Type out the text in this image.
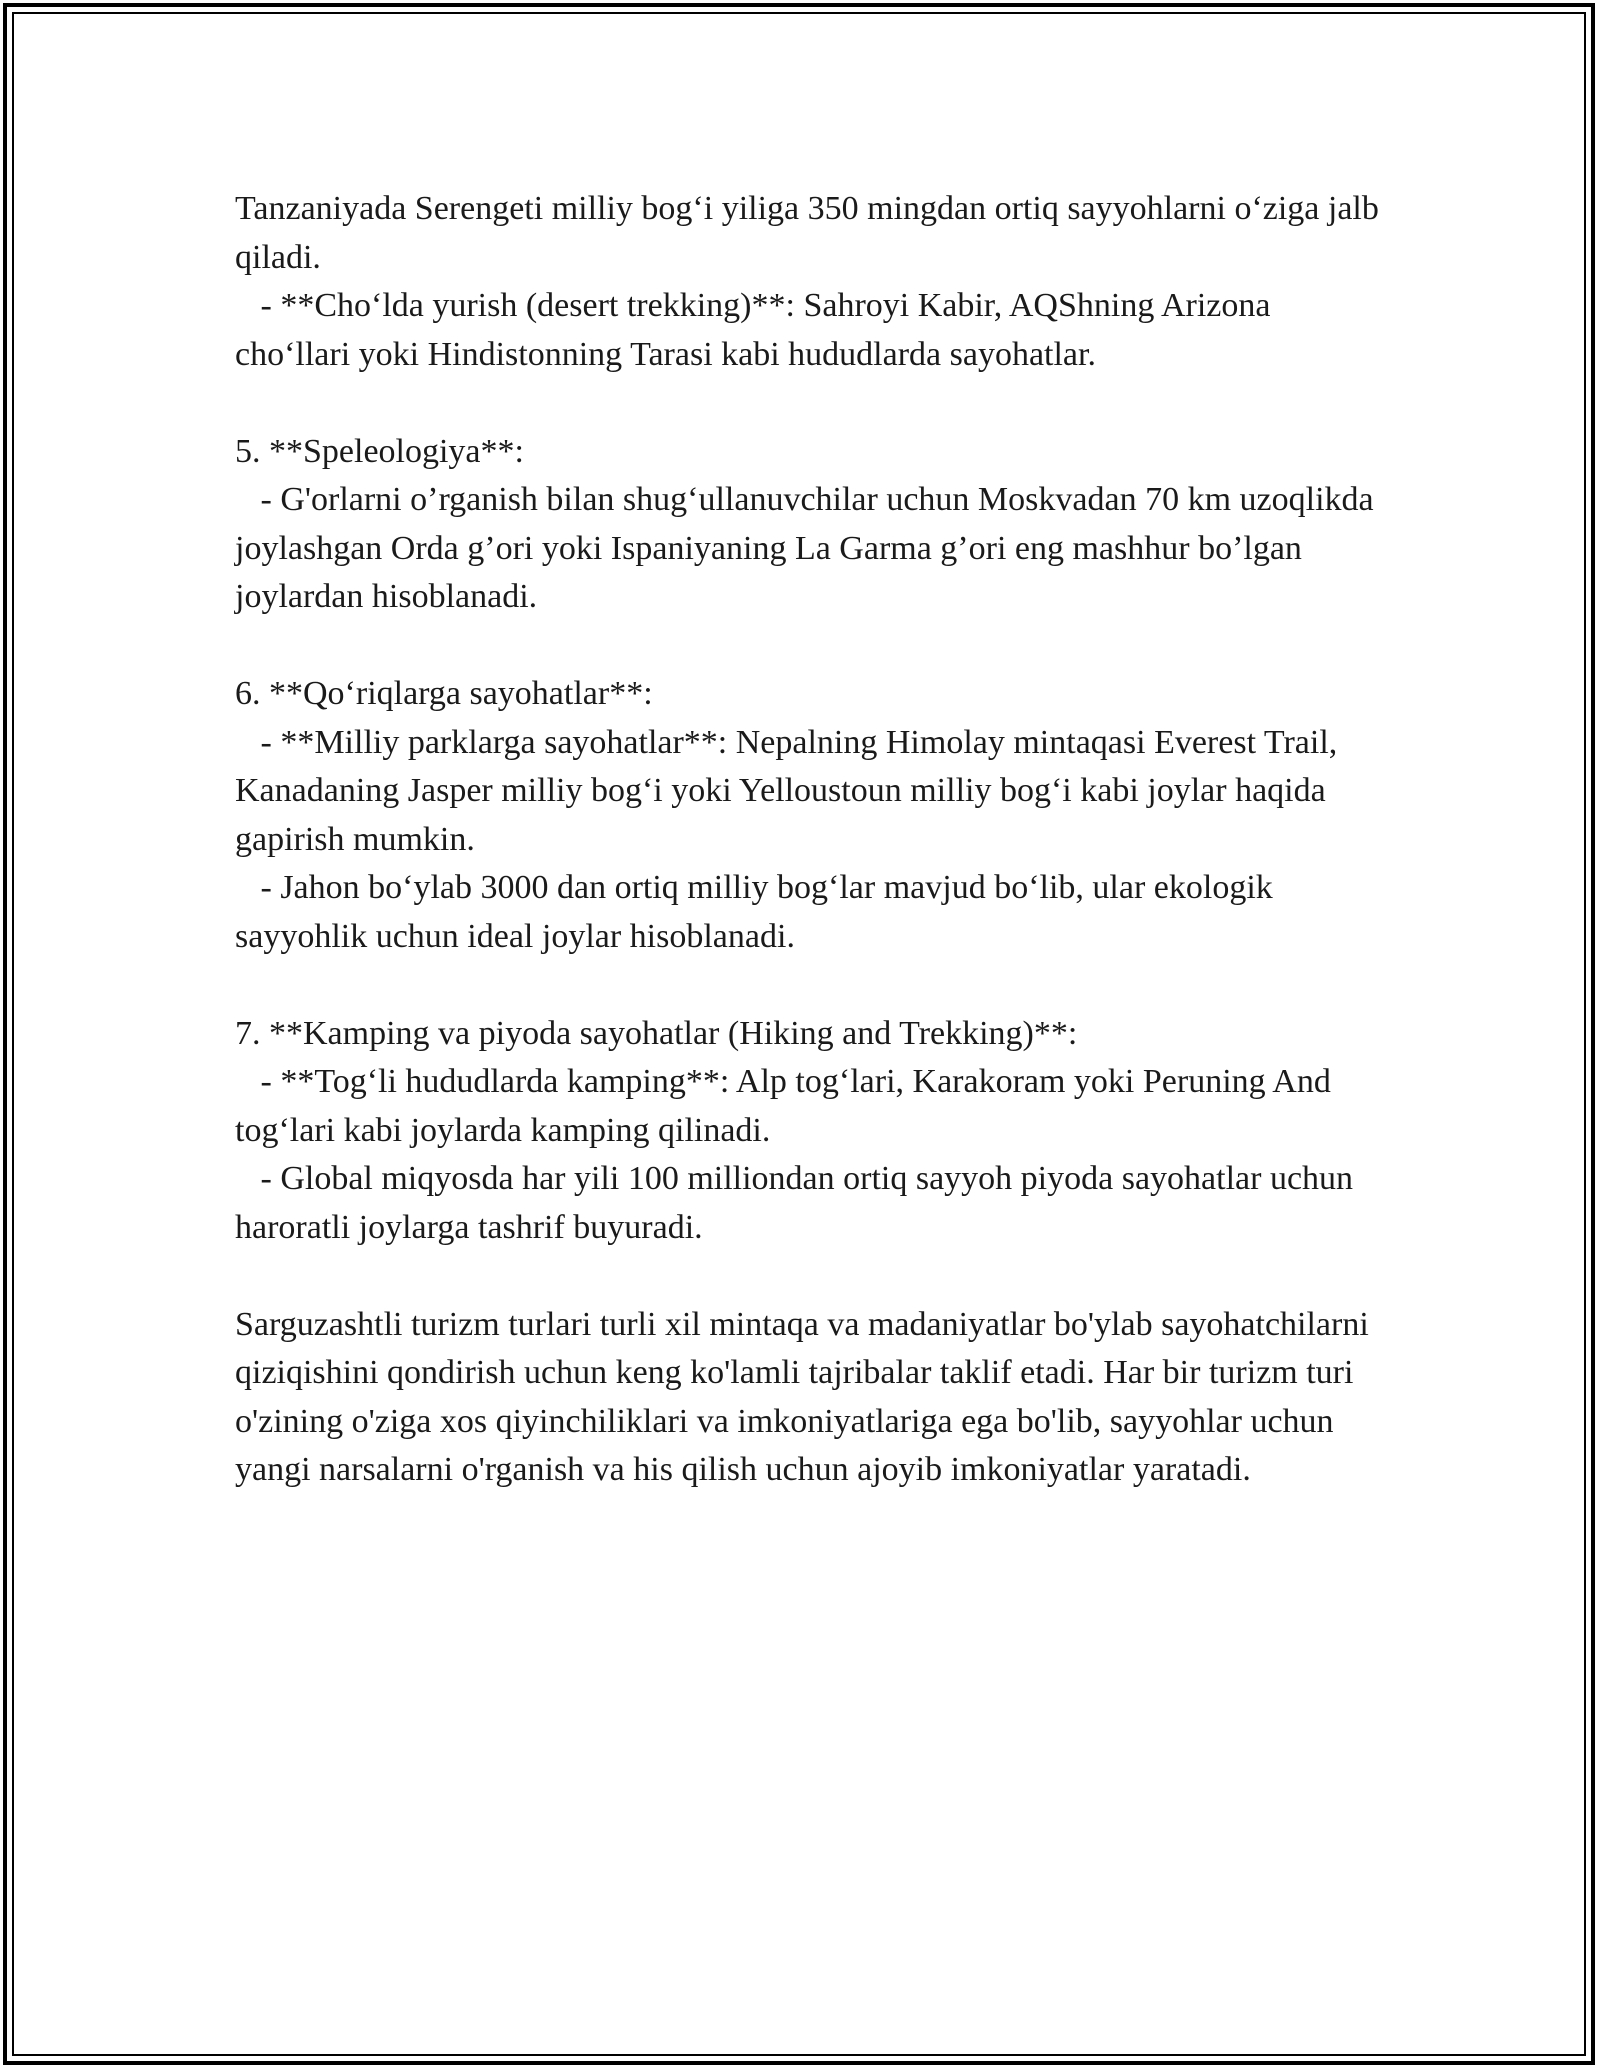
Tanzaniyada Serengeti milliy bog‘i yiliga 350 mingdan ortiq sayyohlarni o‘ziga jalb qiladi.

- **Cho‘lda yurish (desert trekking)**: Sahroyi Kabir, AQShning Arizona cho‘llari yoki Hindistonning Tarasi kabi hududlarda sayohatlar.

5. **Speleologiya**:

- G'orlarni o’rganish bilan shug‘ullanuvchilar uchun Moskvadan 70 km uzoqlikda joylashgan Orda g’ori yoki Ispaniyaning La Garma g’ori eng mashhur bo’lgan joylardan hisoblanadi.

6. **Qo‘riqlarga sayohatlar**:

- **Milliy parklarga sayohatlar**: Nepalning Himolay mintaqasi Everest Trail, Kanadaning Jasper milliy bog‘i yoki Yelloustoun milliy bog‘i kabi joylar haqida gapirish mumkin.

- Jahon bo‘ylab 3000 dan ortiq milliy bog‘lar mavjud bo‘lib, ular ekologik sayyohlik uchun ideal joylar hisoblanadi.

7. **Kamping va piyoda sayohatlar (Hiking and Trekking)**:

- **Tog‘li hududlarda kamping**: Alp tog‘lari, Karakoram yoki Peruning And tog‘lari kabi joylarda kamping qilinadi.

- Global miqyosda har yili 100 milliondan ortiq sayyoh piyoda sayohatlar uchun haroratli joylarga tashrif buyuradi.

Sarguzashtli turizm turlari turli xil mintaqa va madaniyatlar bo'ylab sayohatchilarni qiziqishini qondirish uchun keng ko'lamli tajribalar taklif etadi. Har bir turizm turi o'zining o'ziga xos qiyinchiliklari va imkoniyatlariga ega bo'lib, sayyohlar uchun yangi narsalarni o'rganish va his qilish uchun ajoyib imkoniyatlar yaratadi.
